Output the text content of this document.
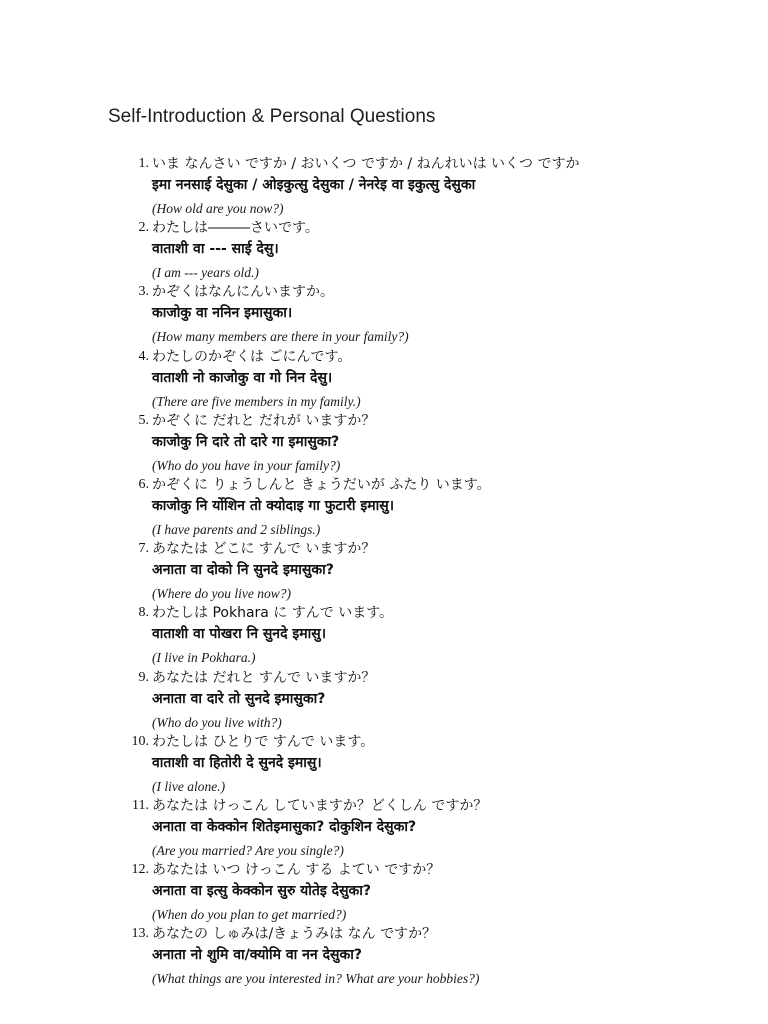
Self-Introduction & Personal Questions
1. いま なんさい ですか / おいくつ ですか / ねんれいは いくつ ですか
इमा ननसाई देसुका / ओइकुत्सु देसुका / नेनरेइ वा इकुत्सु देसुका
(How old are you now?)
2. わたしは―――さいです。
वाताशी वा --- साई देसु।
(I am --- years old.)
3. かぞくはなんにんいますか。
काजोकु वा ननिन इमासुका।
(How many members are there in your family?)
4. わたしのかぞくは ごにんです。
वाताशी नो काजोकु वा गो निन देसु।
(There are five members in my family.)
5. かぞくに だれと だれが いますか？
काजोकु नि दारे तो दारे गा इमासुका?
(Who do you have in your family?)
6. かぞくに りょうしんと きょうだいが ふたり います。
काजोकु नि र्योशिन तो क्योदाइ गा फुटारी इमासु।
(I have parents and 2 siblings.)
7. あなたは どこに すんで いますか？
अनाता वा दोको नि सुनदे इमासुका?
(Where do you live now?)
8. わたしは Pokhara に すんで います。
वाताशी वा पोखरा नि सुनदे इमासु।
(I live in Pokhara.)
9. あなたは だれと すんで いますか？
अनाता वा दारे तो सुनदे इमासुका?
(Who do you live with?)
10. わたしは ひとりで すんで います。
वाताशी वा हितोरी दे सुनदे इमासु।
(I live alone.)
11. あなたは けっこん していますか？どくしん ですか？
अनाता वा केक्कोन शितेइमासुका? दोकुशिन देसुका?
(Are you married? Are you single?)
12. あなたは いつ けっこん する よてい ですか？
अनाता वा इत्सु केक्कोन सुरु योतेइ देसुका?
(When do you plan to get married?)
13. あなたの しゅみは/きょうみは なん ですか？
अनाता नो शुमि वा/क्योमि वा नन देसुका?
(What things are you interested in? What are your hobbies?)
